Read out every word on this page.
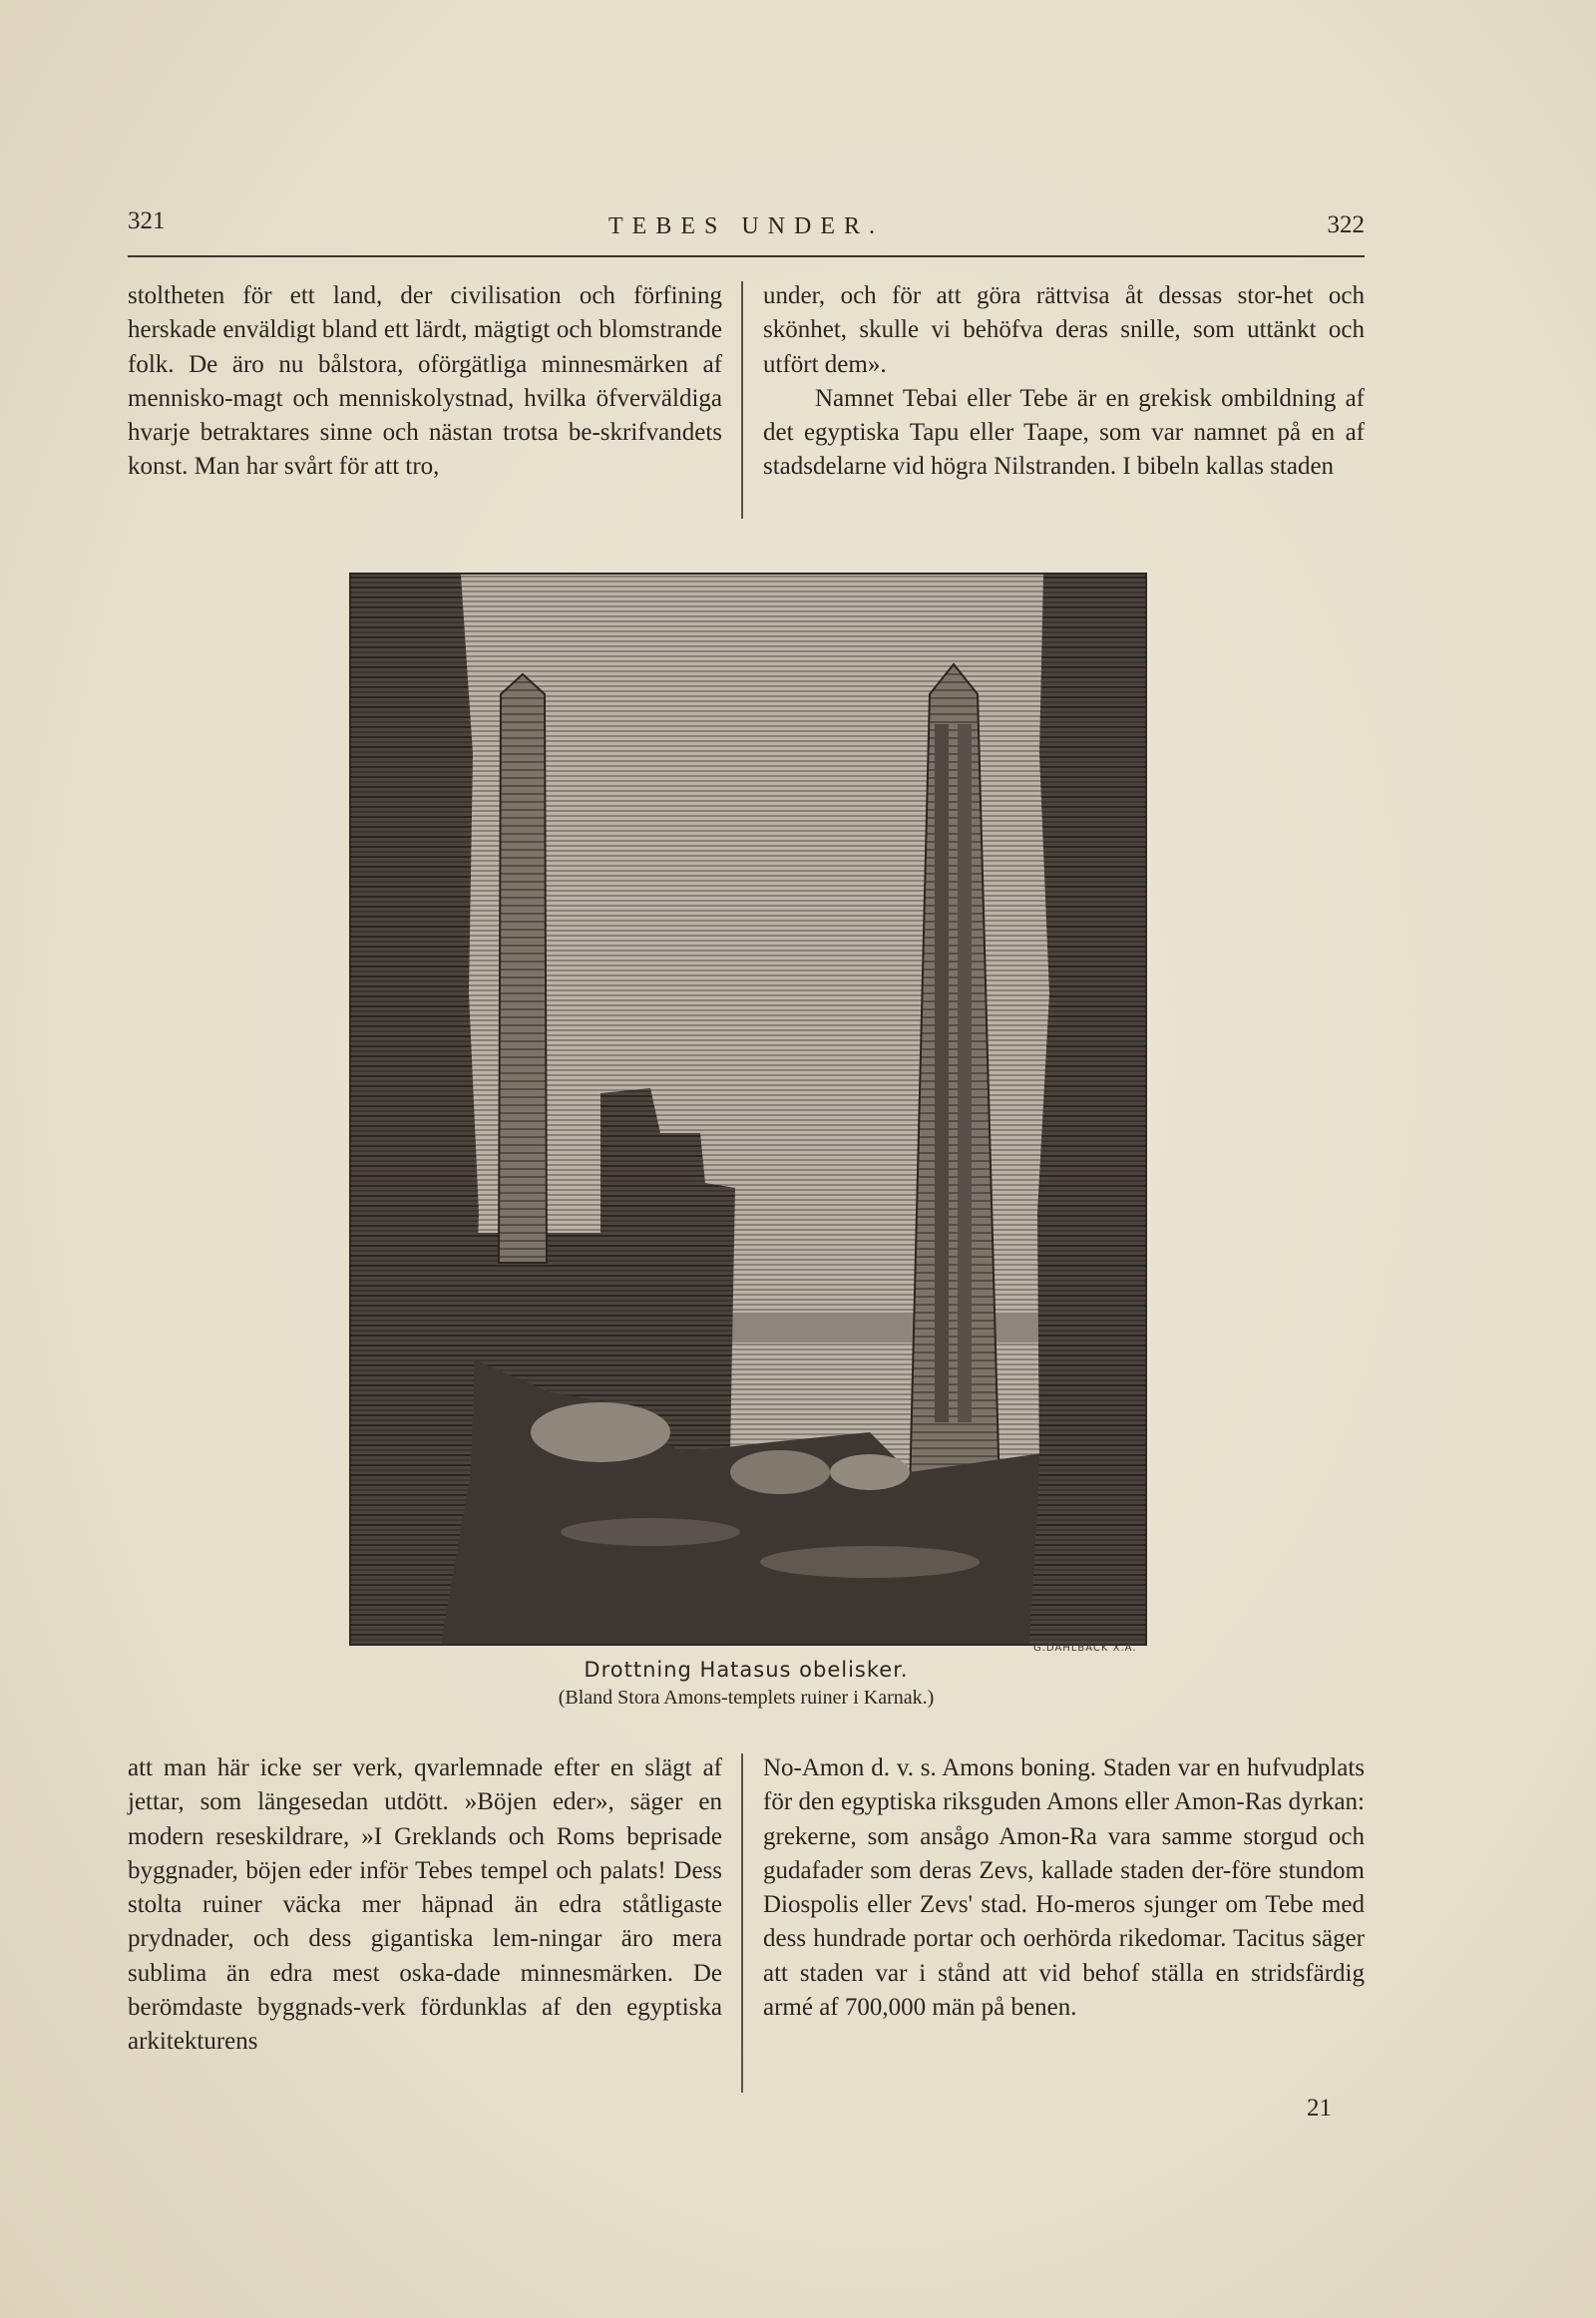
321	TEBES UNDER.	322

stoltheten för ett land, der civilisation och förfining herskade enväldigt bland ett lärdt, mägtigt och blomstrande folk. De äro nu bålstora, oförgätliga minnesmärken af mennisko-magt och menniskolystnad, hvilka öfverväldiga hvarje betraktares sinne och nästan trotsa be-skrifvandets konst. Man har svårt för att tro,

under, och för att göra rättvisa åt dessas stor-het och skönhet, skulle vi behöfva deras snille, som uttänkt och utfört dem».

Namnet Tebai eller Tebe är en grekisk ombildning af det egyptiska Tapu eller Taape, som var namnet på en af stadsdelarne vid högra Nilstranden. I bibeln kallas staden

G.DAHLBÄCK X.A.
Drottning Hatasus obelisker.
(Bland Stora Amons-templets ruiner i Karnak.)

att man här icke ser verk, qvarlemnade efter en slägt af jettar, som längesedan utdött. »Böjen eder», säger en modern reseskildrare, »I Greklands och Roms beprisade byggnader, böjen eder inför Tebes tempel och palats! Dess stolta ruiner väcka mer häpnad än edra ståtligaste prydnader, och dess gigantiska lem-ningar äro mera sublima än edra mest oska-dade minnesmärken. De berömdaste byggnads-verk fördunklas af den egyptiska arkitekturens

No-Amon d. v. s. Amons boning. Staden var en hufvudplats för den egyptiska riksguden Amons eller Amon-Ras dyrkan: grekerne, som ansågo Amon-Ra vara samme storgud och gudafader som deras Zevs, kallade staden der-före stundom Diospolis eller Zevs' stad. Ho-meros sjunger om Tebe med dess hundrade portar och oerhörda rikedomar. Tacitus säger att staden var i stånd att vid behof ställa en stridsfärdig armé af 700,000 män på benen.

21
